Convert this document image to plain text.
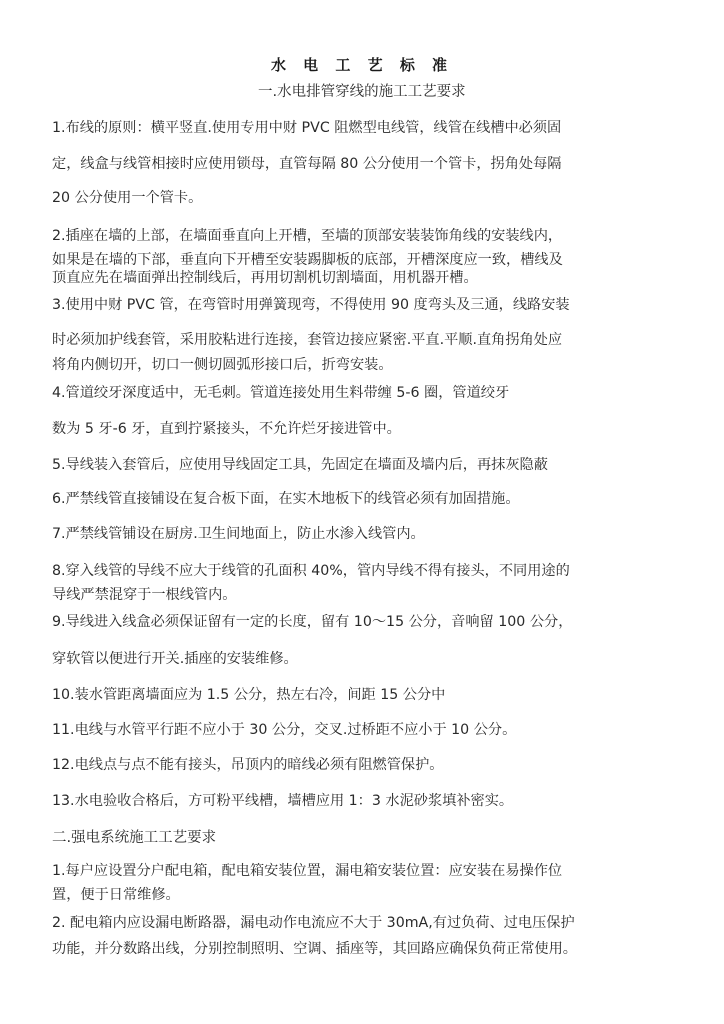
水 电 工 艺 标 准
一.水电排管穿线的施工工艺要求
1.布线的原则：横平竖直.使用专用中财 PVC 阻燃型电线管，线管在线槽中必须固
定，线盒与线管相接时应使用锁母，直管每隔 80 公分使用一个管卡，拐角处每隔
20 公分使用一个管卡。
2.插座在墙的上部，在墙面垂直向上开槽，至墙的顶部安装装饰角线的安装线内，
如果是在墙的下部，垂直向下开槽至安装踢脚板的底部，开槽深度应一致，槽线及
顶直应先在墙面弹出控制线后，再用切割机切割墙面，用机器开槽。
3.使用中财 PVC 管，在弯管时用弹簧现弯，不得使用 90 度弯头及三通，线路安装
时必须加护线套管，采用胶粘进行连接，套管边接应紧密.平直.平顺.直角拐角处应
将角内侧切开，切口一侧切圆弧形接口后，折弯安装。
4.管道绞牙深度适中，无毛刺。管道连接处用生料带缠 5-6 圈，管道绞牙
数为 5 牙-6 牙，直到拧紧接头，不允许烂牙接进管中。
5.导线装入套管后，应使用导线固定工具，先固定在墙面及墙内后，再抹灰隐蔽
6.严禁线管直接铺设在复合板下面，在实木地板下的线管必须有加固措施。
7.严禁线管铺设在厨房.卫生间地面上，防止水渗入线管内。
8.穿入线管的导线不应大于线管的孔面积 40%，管内导线不得有接头，不同用途的
导线严禁混穿于一根线管内。
9.导线进入线盒必须保证留有一定的长度，留有 10～15 公分，音响留 100 公分，
穿软管以便进行开关.插座的安装维修。
10.装水管距离墙面应为 1.5 公分，热左右冷，间距 15 公分中
11.电线与水管平行距不应小于 30 公分，交叉.过桥距不应小于 10 公分。
12.电线点与点不能有接头，吊顶内的暗线必须有阻燃管保护。
13.水电验收合格后，方可粉平线槽，墙槽应用 1：3 水泥砂浆填补密实。
二.强电系统施工工艺要求
1.每户应设置分户配电箱，配电箱安装位置，漏电箱安装位置：应安装在易操作位
置，便于日常维修。
2. 配电箱内应设漏电断路器，漏电动作电流应不大于 30mA,有过负荷、过电压保护
功能，并分数路出线，分别控制照明、空调、插座等，其回路应确保负荷正常使用。
